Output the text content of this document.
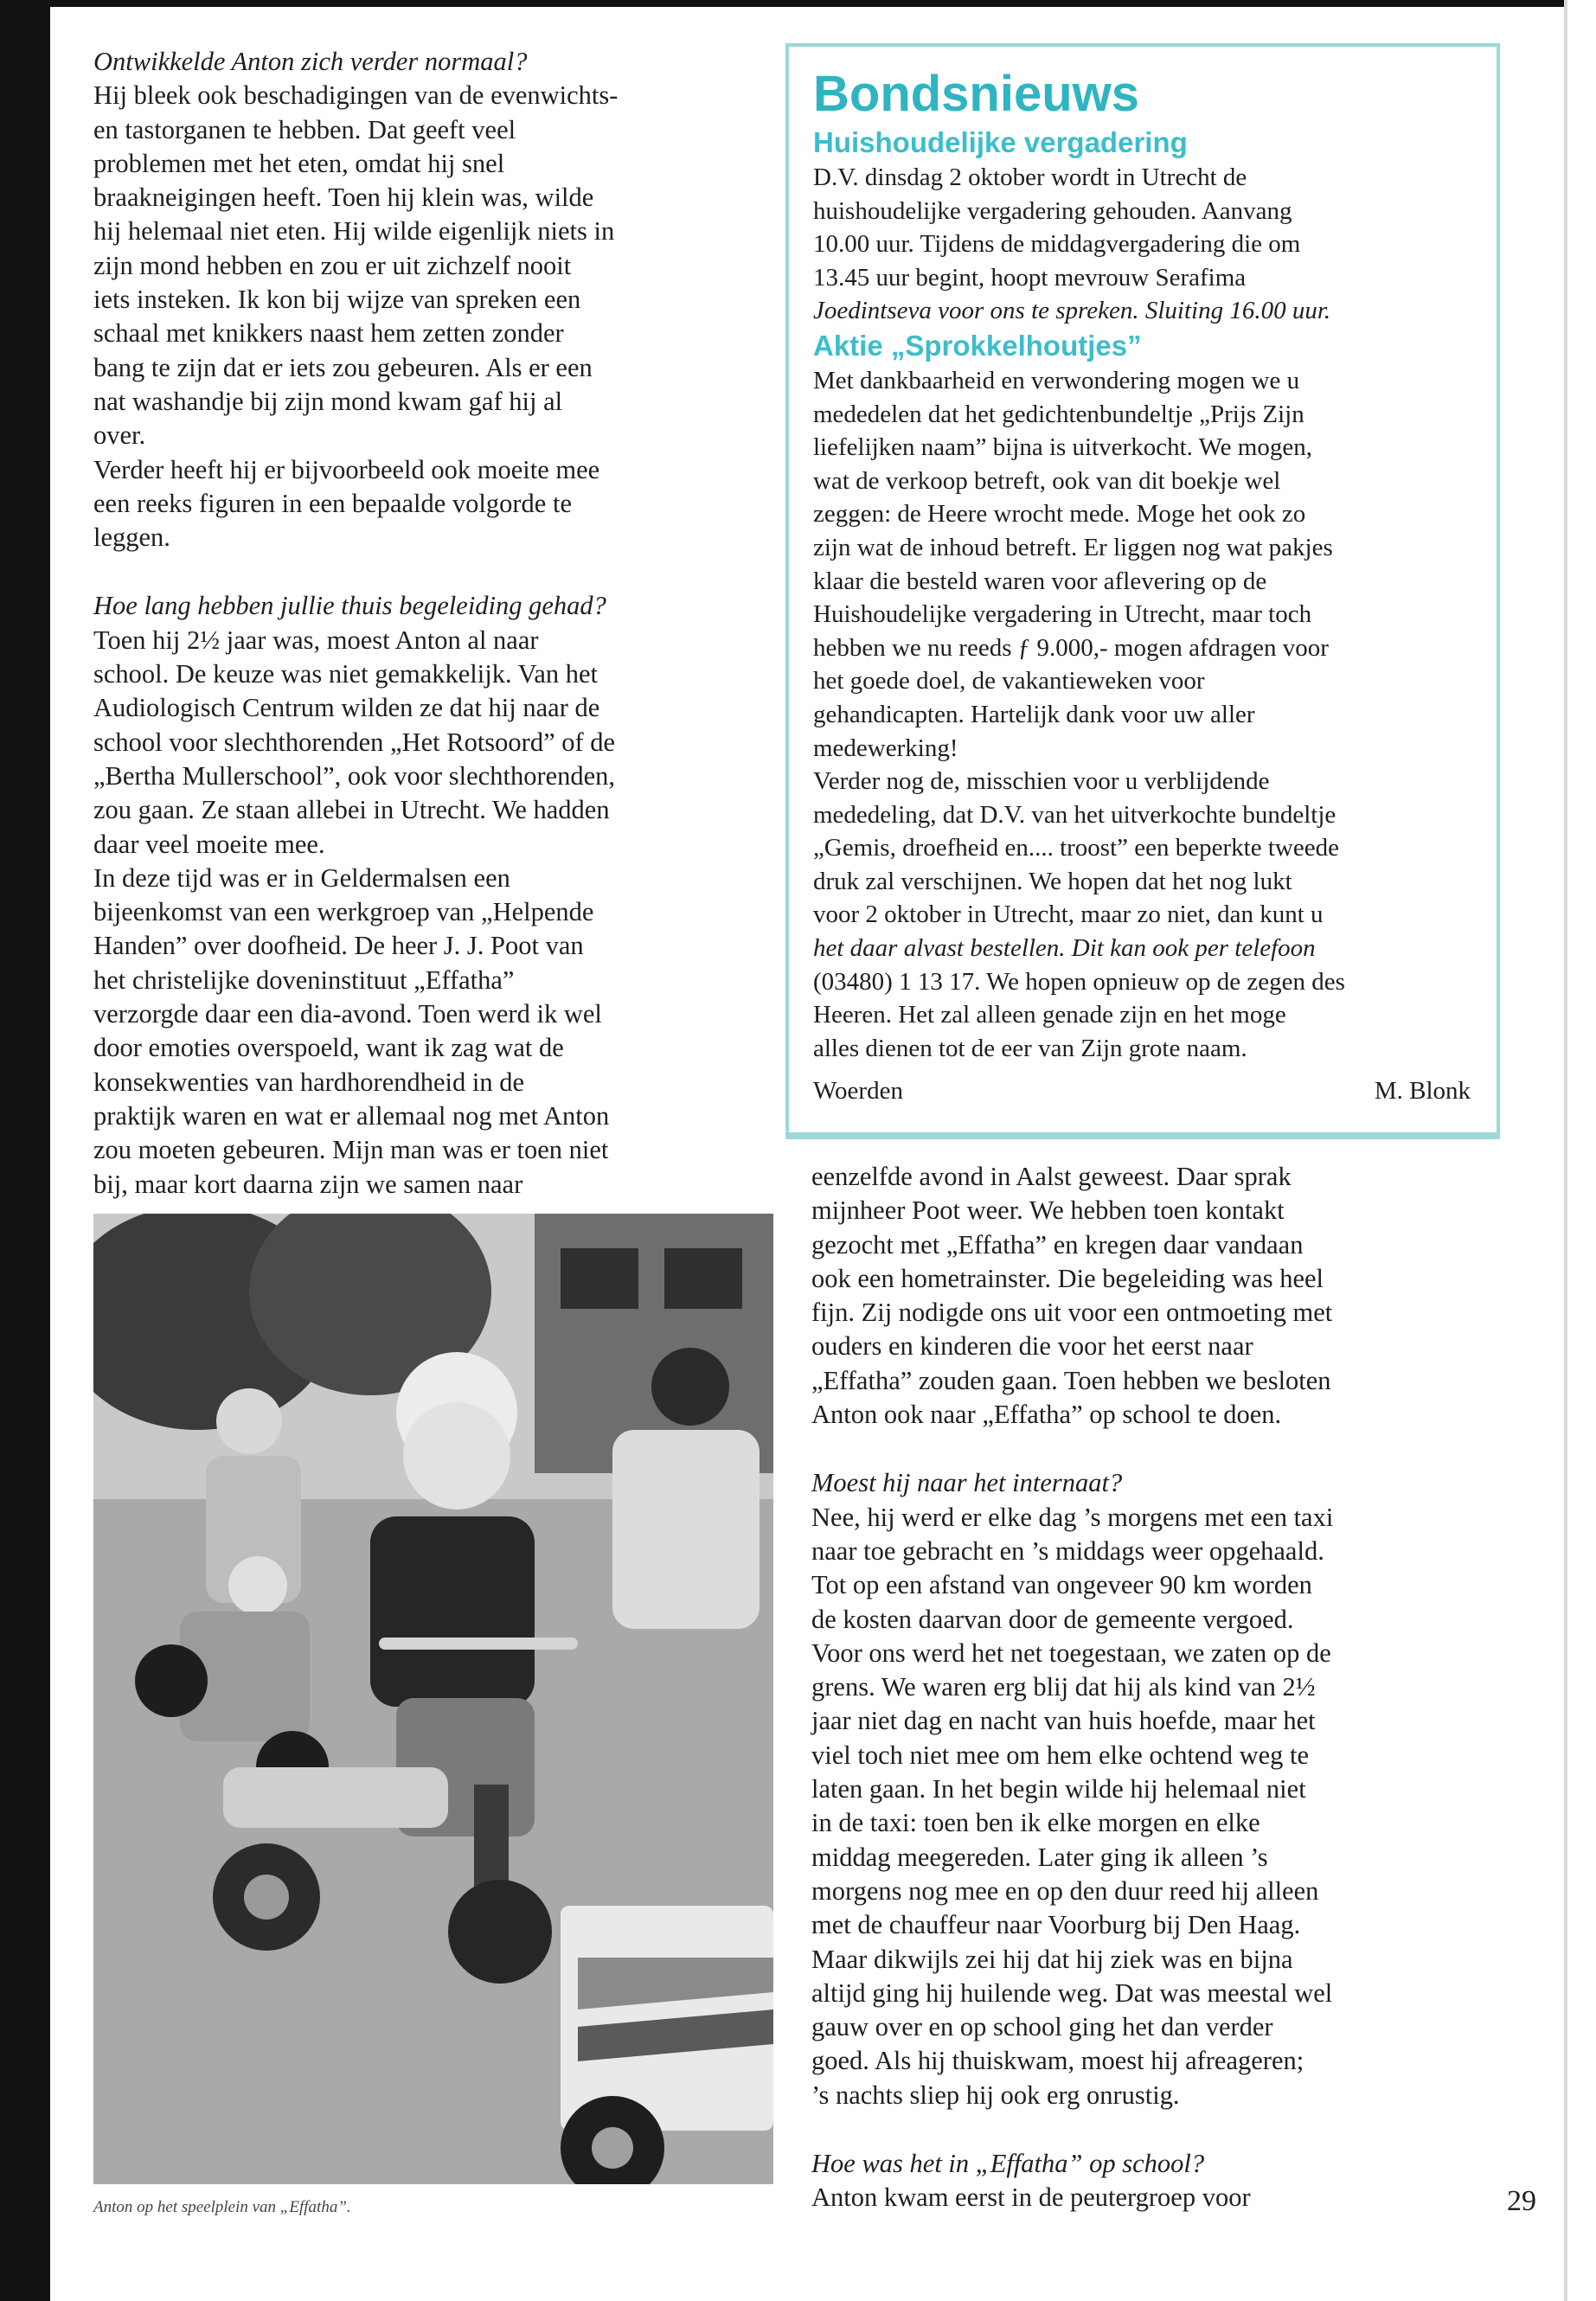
Ontwikkelde Anton zich verder normaal?

Hij bleek ook beschadigingen van de evenwichts-

en tastorganen te hebben. Dat geeft veel

problemen met het eten, omdat hij snel

braakneigingen heeft. Toen hij klein was, wilde

hij helemaal niet eten. Hij wilde eigenlijk niets in

zijn mond hebben en zou er uit zichzelf nooit

iets insteken. Ik kon bij wijze van spreken een

schaal met knikkers naast hem zetten zonder

bang te zijn dat er iets zou gebeuren. Als er een

nat washandje bij zijn mond kwam gaf hij al

over.

Verder heeft hij er bijvoorbeeld ook moeite mee

een reeks figuren in een bepaalde volgorde te

leggen.

Hoe lang hebben jullie thuis begeleiding gehad?

Toen hij 2½ jaar was, moest Anton al naar

school. De keuze was niet gemakkelijk. Van het

Audiologisch Centrum wilden ze dat hij naar de

school voor slechthorenden „Het Rotsoord” of de

„Bertha Mullerschool”, ook voor slechthorenden,

zou gaan. Ze staan allebei in Utrecht. We hadden

daar veel moeite mee.

In deze tijd was er in Geldermalsen een

bijeenkomst van een werkgroep van „Helpende

Handen” over doofheid. De heer J. J. Poot van

het christelijke doveninstituut „Effatha”

verzorgde daar een dia-avond. Toen werd ik wel

door emoties overspoeld, want ik zag wat de

konsekwenties van hardhorendheid in de

praktijk waren en wat er allemaal nog met Anton

zou moeten gebeuren. Mijn man was er toen niet

bij, maar kort daarna zijn we samen naar

Bondsnieuws
Huishoudelijke vergadering

D.V. dinsdag 2 oktober wordt in Utrecht de

huishoudelijke vergadering gehouden. Aanvang

10.00 uur. Tijdens de middagvergadering die om

13.45 uur begint, hoopt mevrouw Serafima

Joedintseva voor ons te spreken. Sluiting 16.00 uur.

Aktie „Sprokkelhoutjes”

Met dankbaarheid en verwondering mogen we u

mededelen dat het gedichtenbundeltje „Prijs Zijn

liefelijken naam” bijna is uitverkocht. We mogen,

wat de verkoop betreft, ook van dit boekje wel

zeggen: de Heere wrocht mede. Moge het ook zo

zijn wat de inhoud betreft. Er liggen nog wat pakjes

klaar die besteld waren voor aflevering op de

Huishoudelijke vergadering in Utrecht, maar toch

hebben we nu reeds ƒ 9.000,- mogen afdragen voor

het goede doel, de vakantieweken voor

gehandicapten. Hartelijk dank voor uw aller

medewerking!

Verder nog de, misschien voor u verblijdende

mededeling, dat D.V. van het uitverkochte bundeltje

„Gemis, droefheid en.... troost” een beperkte tweede

druk zal verschijnen. We hopen dat het nog lukt

voor 2 oktober in Utrecht, maar zo niet, dan kunt u

het daar alvast bestellen. Dit kan ook per telefoon

(03480) 1 13 17. We hopen opnieuw op de zegen des

Heeren. Het zal alleen genade zijn en het moge

alles dienen tot de eer van Zijn grote naam.

Woerden	M. Blonk

eenzelfde avond in Aalst geweest. Daar sprak

mijnheer Poot weer. We hebben toen kontakt

gezocht met „Effatha” en kregen daar vandaan

ook een hometrainster. Die begeleiding was heel

fijn. Zij nodigde ons uit voor een ontmoeting met

ouders en kinderen die voor het eerst naar

„Effatha” zouden gaan. Toen hebben we besloten

Anton ook naar „Effatha” op school te doen.

Moest hij naar het internaat?

Nee, hij werd er elke dag ’s morgens met een taxi

naar toe gebracht en ’s middags weer opgehaald.

Tot op een afstand van ongeveer 90 km worden

de kosten daarvan door de gemeente vergoed.

Voor ons werd het net toegestaan, we zaten op de

grens. We waren erg blij dat hij als kind van 2½

jaar niet dag en nacht van huis hoefde, maar het

viel toch niet mee om hem elke ochtend weg te

laten gaan. In het begin wilde hij helemaal niet

in de taxi: toen ben ik elke morgen en elke

middag meegereden. Later ging ik alleen ’s

morgens nog mee en op den duur reed hij alleen

met de chauffeur naar Voorburg bij Den Haag.

Maar dikwijls zei hij dat hij ziek was en bijna

altijd ging hij huilende weg. Dat was meestal wel

gauw over en op school ging het dan verder

goed. Als hij thuiskwam, moest hij afreageren;

’s nachts sliep hij ook erg onrustig.

Hoe was het in „Effatha” op school?

Anton kwam eerst in de peutergroep voor

Anton op het speelplein van „Effatha”.	29
